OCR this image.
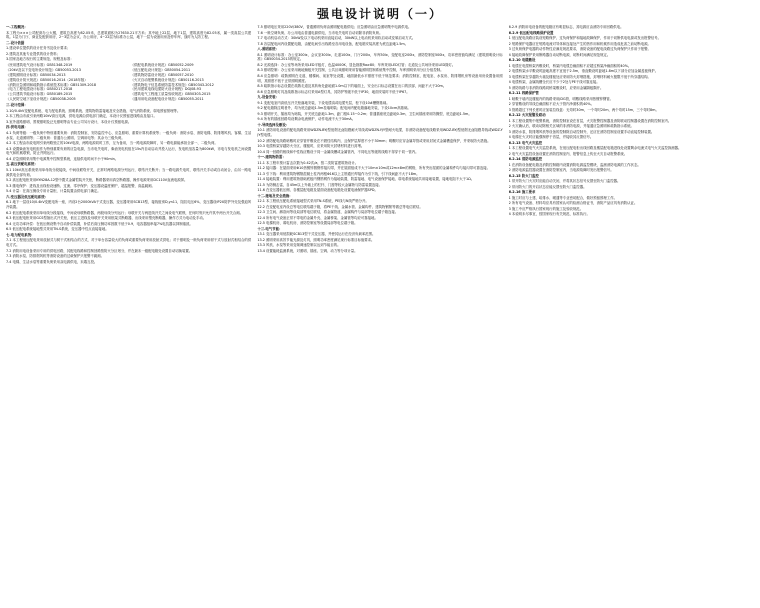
强电设计说明（一）

一.工程概况：

本工程为×××公司配套办公大楼，建筑总高度为82.05米，总建筑面积为27630.21平方米；其中地上22层，地下1层，建筑高度为82.05米，属一类高层公共建筑。1层为门厅、商业及配套用房，2~3层为会议、办公用房，4~22层为标准办公层，地下一层为设备用房及停车库，战时为人防工程。

二.设计依据

1.建设单位提供的设计任务书及设计要求；

2.建筑及其他专业提供的设计资料；

3.国家及地方现行的主要规范、规程及标准：

《民用建筑电气设计标准》GB51348-2019	《供配电系统设计规范》GB50052-2009
《20kV及以下变电所设计规范》GB50053-2013	《低压配电设计规范》GB50054-2011
《建筑照明设计标准》GB50034-2013	《建筑物防雷设计规范》GB50057-2010
《建筑设计防火规范》GB50016-2014（2018年版）	《火灾自动报警系统设计规范》GB50116-2013
《消防应急照明和疏散指示系统技术标准》GB51309-2018	《建筑物电子信息系统防雷技术规范》GB50343-2012
《电力工程电缆设计标准》GB50217-2018	《民用建筑电线电缆防火设计规程》DGJ08-93
《公共建筑节能设计标准》GB50189-2015	《建筑电气工程施工质量验收规范》GB50303-2015
《人民防空地下室设计规范》GB50038-2005	《通用用电设备配电设计规范》GB50055-2011

三.设计范围：

1.10/0.4kV变配电系统、电力配电系统、照明系统、建筑物防雷接地及安全措施、电气消防系统、弱电预留预埋等。

2.本工程由市政引来两路10kV高压电源，供电电源由供电部门确定，本设计仅预留进线路由及接口。

3.室外道路照明、景观照明及泛光照明等由专业公司另行设计，本设计仅预留电源。

四.供电电源：

4.1 负荷等级：一级负荷中特别重要负荷：消防控制室、安防监控中心、应急照明、重要计算机系统等；一级负荷：消防水泵、消防电梯、防排烟风机、客梯、生活水泵、走道照明等；二级负荷：普通办公照明、空调用电等；其余为三级负荷。

4.2 本工程由市政电网引来两路独立的10kV电源，两路电源同时工作，互为备用，当一路电源故障时，另一路电源能承担全部一、二级负荷。

4.3 设置柴油发电机组作为特别重要负荷的应急电源，当市电失电时，柴油发电机组在15s内自动启动并投入运行，发电机组容量为800kW，市电与发电机之间设置电气和机械联锁，防止并网运行。

4.4 应急照明采用集中电源集中控制型系统，连续供电时间不小于90min。

五.高压供配电系统：

5.1 10kV高压系统采用单母线分段接线，中间设联络开关，正常时两路电源分列运行，联络开关断开；当一路电源失电时，联络开关手动或自动闭合，由另一路电源供电全部负荷。

5.2 高压配电柜采用KYN28A-12型中置式金属铠装开关柜，断路器采用真空断路器，操作电源采用DC110V直流电源屏。

5.3 继电保护：进线及出线柜设速断、过流、零序保护；变压器设温度保护，超温报警，高温跳闸。

5.4 计量：在高压侧设专用计量柜，计量装置由供电部门确定。

六.变压器及低压配电系统：

6.1 地下一层设10/0.4kV变配电所一座，内设2台2000kVA干式变压器，变压器采用SCB13型，接线组别D,yn11，阻抗电压6%，变压器设IP2X防护外壳及强迫风冷装置。

6.2 低压配电系统采用单母线分段接线，中间设母联断路器，两段母线分列运行；母联开关与两进线开关之间设电气联锁，任何时刻只允许其中两台开关合闸。

6.3 低压配电柜采用GCS型抽出式开关柜，低压主进线及母联开关采用框架式断路器，出线采用塑壳断路器，操作方式为电动及手动。

6.4 无功功率补偿：在低压侧设集中自动补偿装置，补偿后高压侧功率因数不低于0.9，电容器组串接7%电抗器以抑制谐波。

6.5 低压配电系统接地型式采用TN-S系统，变压器中性点直接接地。

七.电力配电系统：

7.1 本工程低压配电采用放射式与树干式相结合的方式，对于单台容量较大的负荷或重要负荷采用放射式供电；对于照明及一般负荷采用树干式与放射式相结合的供电方式。

7.2 消防用电设备采用专用的供电回路，其配电线路和控制回路按防火分区划分，并在最末一级配电箱处设置自动切换装置。

7.3 消防水泵、防排烟风机等消防设备的过载保护只报警不跳闸。

7.4 电梯、生活水泵等重要负荷采用双电源供电，末端互投。

7.5 照明电压采用220V/380V，普通照明负荷由照明配电箱供电；应急照明由应急照明集中电源供电。

7.6 一般空调负荷、办公用电由普通电源供电，当市电失电时自动切除非消防负荷。

7.7 电动机启动方式：30kW及以下电动机采用直接启动，30kW以上电动机采用软启动或变频启动方式。

7.8 各层配电间内设置配电箱，由配电间引出线路至各用电设备，配电箱安装高度为底边距地1.5m。

八.照明系统：

8.1 照明设计标准：办公室300lx，会议室300lx，走道100lx，门厅200lx，车库50lx，变配电室200lx，消防控制室500lx，功率密度值均满足《建筑照明设计标准》GB50034-2013的规定。

8.2 光源选择：办公室等场所采用LED平板灯，色温4000K，显色指数Ra≥80；车库采用LED灯管；走道及公共场所采用LED筒灯。

8.3 照明控制：办公室采用就地翘板开关控制，公共区域照明采用智能照明控制系统集中控制，车库照明采用分区分组控制。

8.4 应急照明：疏散照明在走道、楼梯间、前室等处设置，地面最低水平照度不低于规范要求；消防控制室、配电室、水泵房、防排烟机房等设备用房设置备用照明，其照度不低于正常照明照度。

8.5 疏散指示标志设置在疏散走道及其转角处距地面1.0m以下的墙面上，安全出口标志设置在出口的顶部，间距不大于20m。

8.6 应急照明灯具及疏散指示标志灯采用A型灯具，其防护等级不低于IP30，地面安装时不低于IP67。

九.设备安装：

9.1 变配电室内高低压开关柜落地安装，下设电缆沟或电缆夹层，柜下设10#槽钢基础。

9.2 配电箱除注明者外，均为底边距地1.5m挂墙明装；配电间内配电箱落地安装，下设10cm高基础。

9.3 照明开关、插座均为暗装，开关底边距地1.3m，距门框0.15~0.2m；普通插座底边距地0.3m，卫生间插座采用防溅型，底边距地1.5m。

9.4 所有的插座回路均设剩余电流保护，动作电流不大于30mA。

十.导线选择及敷设：

10.1 消防用电设备的配电线路采用WDZN-BYJ型低烟无卤阻燃耐火导线或WDZN-YJY型耐火电缆，非消防设备配电线路采用WDZ-BYJ型低烟无卤阻燃导线或WDZ-YJY型电缆。

10.2 消防配电线路暗敷时应穿管并敷设在不燃性结构内，且保护层厚度不小于30mm；明敷时应穿金属导管或采用封闭式金属槽盒保护，并采取防火措施。

10.3 电缆桥架穿越防火分区、楼板时，应采用防火封堵材料进行封堵。

10.4 同一回路的相线和中性线应敷设于同一金属线槽或金属管内，不同电压等级的线路不得穿于同一管内。

十一.建筑物防雷：

11.1 本工程年预计雷击次数为0.42次/a，按二类防雷建筑物设计。

11.2 接闪器：在屋面采用Φ10热镀锌圆钢作接闪带，并在屋面组成不大于10m×10m或12m×8m的网格，所有突出屋面的金属构件均与接闪带可靠连接。

11.3 引下线：利用建筑物钢筋混凝土柱内两根Φ16以上主筋通长焊接作为引下线，引下线间距不大于18m。

11.4 接地装置：利用建筑物基础底板内钢筋网作为接地装置，防雷接地、电气设备保护接地、弱电系统接地共用接地装置，接地电阻不大于1Ω。

11.5 为防侧击雷，自45m以上外墙上的栏杆、门窗等较大金属物与防雷装置连接。

11.6 在变压器低压侧、各楼层配电箱及屋面设备配电箱处设置电涌保护器SPD。

十二.接地及安全措施：

12.1 本工程低压配电系统接地型式采用TN-S系统，PE线与N线严格分开。

12.2 在变配电室内设总等电位联结端子箱，将PE干线、金属水管、金属构件、建筑物钢筋等做总等电位联结。

12.3 卫生间、淋浴间等设局部等电位联结，将金属管道、金属构件与局部等电位端子箱连接。

12.4 所有电气设备正常不带电的金属外壳、金属桥架、金属管等均应可靠接地。

12.5 电梯机房、弱电机房、消防控制室等设置局部等电位端子箱。

十三.电气节能：

13.1 变压器采用低损耗SCB13型干式变压器，并使其运行在经济负载率范围。

13.2 照明采用高效节能光源及灯具，照明功率密度满足现行标准目标值要求。

13.3 风机、水泵等采用变频调速控制以达到节能目的。

13.4 设置能耗监测系统，对照明、插座、空调、动力等分项计量。

6.2.9 消防用电设备的配电箱应有明显标志，其电源应由消防专用回路供电。

6.2.9 低压配电线路保护设置

1 低压配电线路应装设短路保护、过负荷保护和接地故障保护，作用于切断供电电源或发出报警信号。

2 短路保护电器应在短路电流对导体和连接处产生的热作用和机械作用造成危害之前切断电源。

3 过负荷保护电器的动作特性应满足规范要求，消防设备的配电线路过负荷保护只作用于报警。

4 接地故障保护采用断路器自动切断电源，切断时间满足规范规定。

6.2.10 电缆敷设

1 电缆在电缆桥架内敷设时，桥架内电缆总截面积不应超过桥架净截面积的40%。

2 电缆桥架水平敷设时距地高度不宜低于2.5m，垂直敷设时距地1.8m以下部分应加金属盖板保护。

3 电缆桥架在穿越防火墙及楼板处应采用防火封堵措施，封堵材料耐火极限不低于所穿越结构。

4 电缆桥架、金属线槽全长应不少于2处与PE干线可靠连接。

5 消防线路与非消防线路同桥架敷设时，应采用金属隔板隔开。

6.2.11 线路保护管

1 暗敷于墙内及楼板内的线路采用JDG管，明敷线路采用热镀锌钢管。

2 穿管敷设的导线总截面积不应大于管内净面积的40%。

3 管路超过下列长度时应加装拉线盒：无弯时30m，一个弯时20m，两个弯时15m，三个弯时8m。

6.2.12 火灾报警及联动

1 本工程设置集中报警系统，消防控制室设在首层，火灾报警控制器及消防联动控制器设置在消防控制室内。

2 火灾确认后，联动切除相关区域的非消防电源，并接通应急照明和疏散指示系统。

3 消防水泵、防排烟风机等设备的控制除自动控制外，还应在消防控制室设置手动直接控制装置。

4 电梯在火灾时应能强制停于首层，并接收其反馈信号。

6.2.13 电气火灾监控

1 本工程设置电气火灾监控系统，在低压配电柜出线回路及楼层配电箱进线处设置剩余电流式电气火灾监控探测器。

2 电气火灾监控设备设置在消防控制室内，报警信息上传至火灾自动报警系统。

6.2.14 消防电源监控

1 在消防设备配电箱及消防控制箱内设置消防电源监控模块，监测消防电源的工作状态。

2 消防电源监控器设置在消防控制室内，当电源故障时发出报警信号。

6.2.15 防火门监控

1 常开防火门火灾时应能自动关闭，并将其状态信号反馈至防火门监控器。

2 常闭防火门的开启状态应能反馈至防火门监控器。

6.2.16 施工要求

1 施工时应与土建、给排水、暖通等专业密切配合，做好预留预埋工作。

2 所有电气设备、材料均应具有国家认可的检测合格证书，消防产品应具有消防认证。

3 施工中应严格执行国家现行的施工及验收规范。

4 本说明未尽事宜，按国家现行有关规范、标准执行。
